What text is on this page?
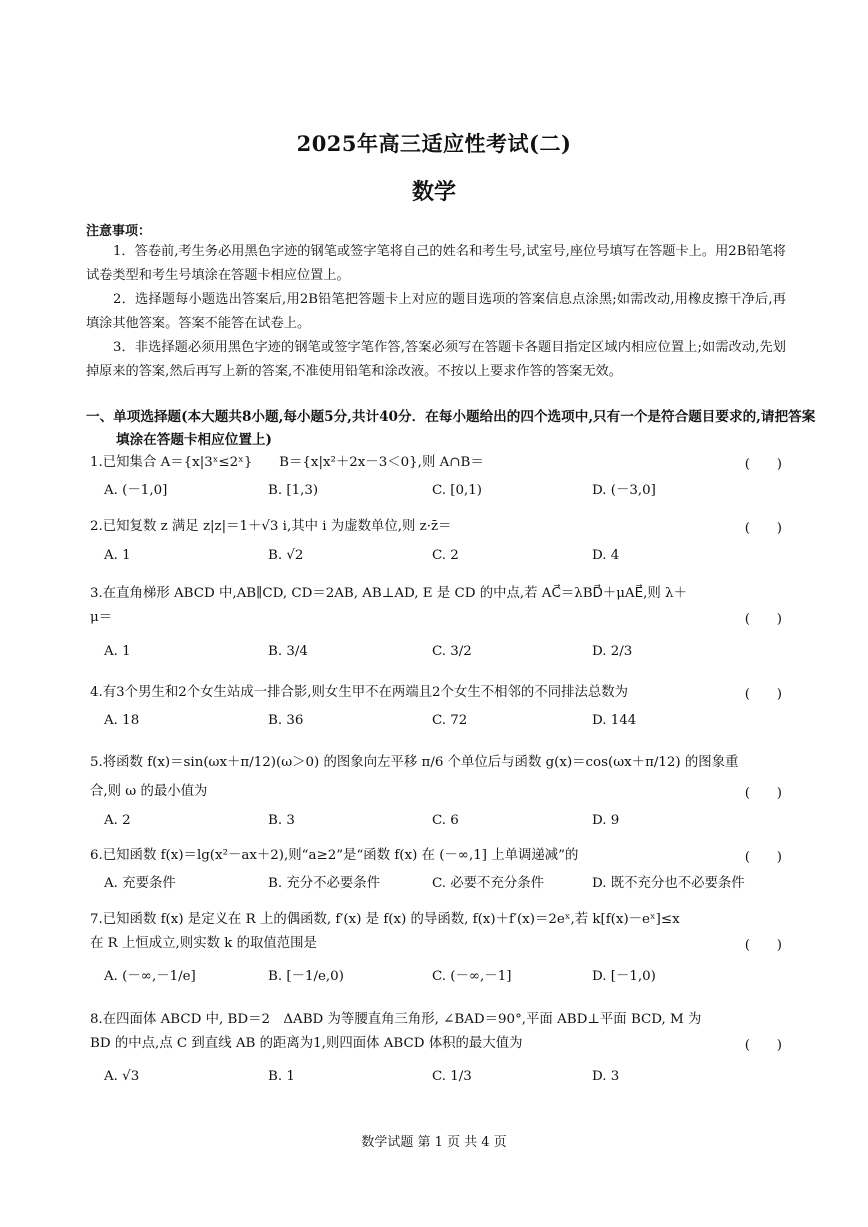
2025年高三适应性考试(二)
数学
注意事项：
1．答卷前,考生务必用黑色字迹的钢笔或签字笔将自己的姓名和考生号,试室号,座位号填写在答题卡上。用2B铅笔将试卷类型和考生号填涂在答题卡相应位置上。
2．选择题每小题选出答案后,用2B铅笔把答题卡上对应的题目选项的答案信息点涂黑;如需改动,用橡皮擦干净后,再填涂其他答案。答案不能答在试卷上。
3．非选择题必须用黑色字迹的钢笔或签字笔作答,答案必须写在答题卡各题目指定区域内相应位置上;如需改动,先划掉原来的答案,然后再写上新的答案,不准使用铅笔和涂改液。不按以上要求作答的答案无效。
一、单项选择题(本大题共8小题,每小题5分,共计40分．在每小题给出的四个选项中,只有一个是符合题目要求的,请把答案填涂在答题卡相应位置上)
1.已知集合 A＝{x|3ˣ≤2ˣ}　　B＝{x|x²＋2x－3＜0},则 A∩B＝	(　　)
A. (－1,0]	B. [1,3)	C. [0,1)	D. (－3,0]
2.已知复数 z 满足 z|z|＝1＋√3 i,其中 i 为虚数单位,则 z·z̄＝	(　　)
A. 1	B. √2	C. 2	D. 4
3.在直角梯形 ABCD 中,AB∥CD, CD＝2AB, AB⊥AD, E 是 CD 的中点,若 AC⃗＝λBD⃗＋μAE⃗,则 λ＋
μ＝	(　　)
A. 1	B. 3/4	C. 3/2	D. 2/3
4.有3个男生和2个女生站成一排合影,则女生甲不在两端且2个女生不相邻的不同排法总数为	(　　)
A. 18	B. 36	C. 72	D. 144
5.将函数 f(x)＝sin(ωx＋π/12)(ω＞0) 的图象向左平移 π/6 个单位后与函数 g(x)＝cos(ωx＋π/12) 的图象重
合,则 ω 的最小值为	(　　)
A. 2	B. 3	C. 6	D. 9
6.已知函数 f(x)＝lg(x²－ax＋2),则“a≥2”是“函数 f(x) 在 (－∞,1] 上单调递减”的	(　　)
A. 充要条件	B. 充分不必要条件	C. 必要不充分条件	D. 既不充分也不必要条件
7.已知函数 f(x) 是定义在 R 上的偶函数, f′(x) 是 f(x) 的导函数, f(x)＋f′(x)＝2eˣ,若 k[f(x)－eˣ]≤x
在 R 上恒成立,则实数 k 的取值范围是	(　　)
A. (－∞,－1/e]	B. [－1/e,0)	C. (－∞,－1]	D. [－1,0)
8.在四面体 ABCD 中, BD＝2　ΔABD 为等腰直角三角形, ∠BAD＝90°,平面 ABD⊥平面 BCD, M 为
BD 的中点,点 C 到直线 AB 的距离为1,则四面体 ABCD 体积的最大值为	(　　)
A. √3	B. 1	C. 1/3	D. 3
数学试题 第 1 页 共 4 页
